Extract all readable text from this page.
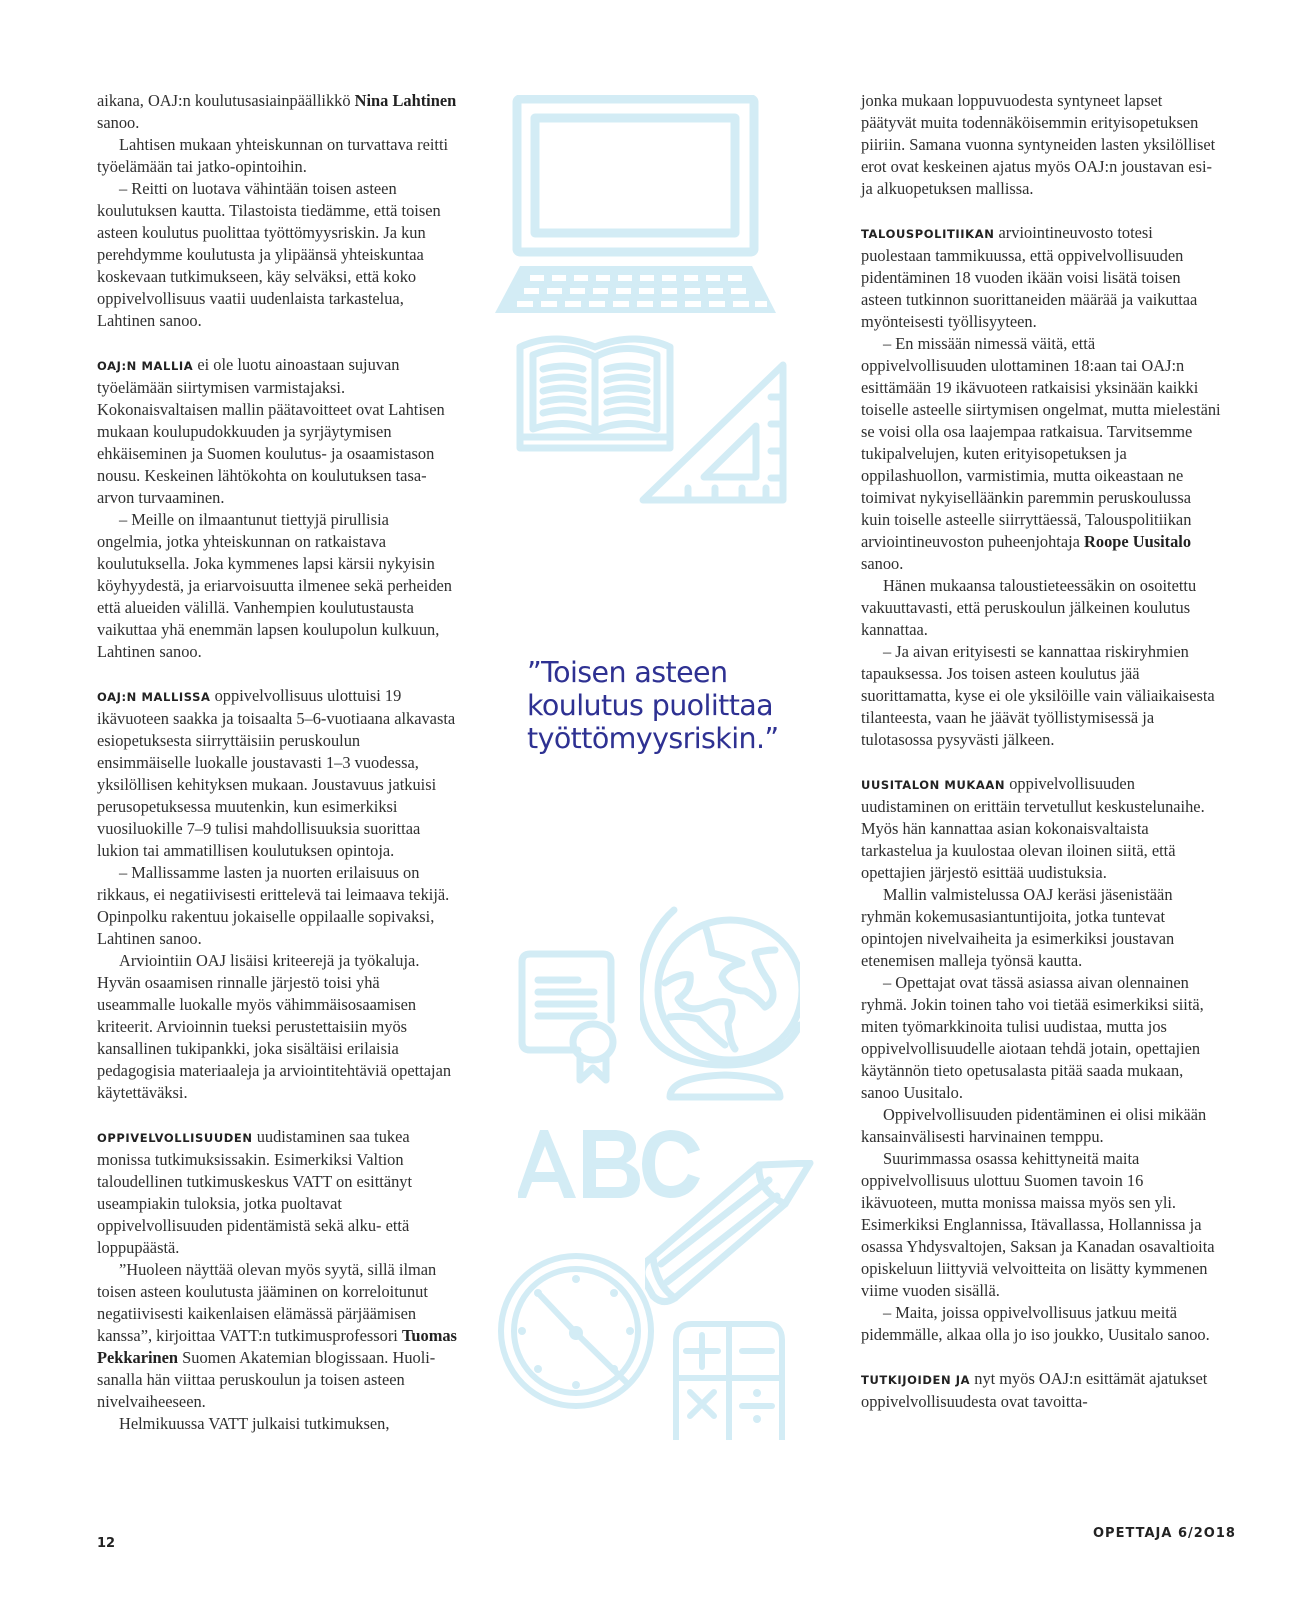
aikana, OAJ:n koulutusasiainpäällikkö Nina Lahtinen sanoo.

Lahtisen mukaan yhteiskunnan on turvattava reitti työelämään tai jatko-opintoihin.

– Reitti on luotava vähintään toisen asteen koulutuksen kautta. Tilastoista tiedämme, että toisen asteen koulutus puolittaa työttömyysriskin. Ja kun perehdymme koulutusta ja ylipäänsä yhteiskuntaa koskevaan tutkimukseen, käy selväksi, että koko oppivelvollisuus vaatii uudenlaista tarkastelua, Lahtinen sanoo.

OAJ:N MALLIA ei ole luotu ainoastaan sujuvan työelämään siirtymisen varmistajaksi. Kokonaisvaltaisen mallin päätavoitteet ovat Lahtisen mukaan koulupudokkuuden ja syrjäytymisen ehkäiseminen ja Suomen koulutus- ja osaamistason nousu. Keskeinen lähtökohta on koulutuksen tasa-arvon turvaaminen.

– Meille on ilmaantunut tiettyjä pirullisia ongelmia, jotka yhteiskunnan on ratkaistava koulutuksella. Joka kymmenes lapsi kärsii nykyisin köyhyydestä, ja eriarvoisuutta ilmenee sekä perheiden että alueiden välillä. Vanhempien koulutustausta vaikuttaa yhä enemmän lapsen koulupolun kulkuun, Lahtinen sanoo.

OAJ:N MALLISSA oppivelvollisuus ulottuisi 19 ikävuoteen saakka ja toisaalta 5–6-vuotiaana alkavasta esiopetuksesta siirryttäisiin peruskoulun ensimmäiselle luokalle joustavasti 1–3 vuodessa, yksilöllisen kehityksen mukaan. Joustavuus jatkuisi perusopetuksessa muutenkin, kun esimerkiksi vuosiluokille 7–9 tulisi mahdollisuuksia suorittaa lukion tai ammatillisen koulutuksen opintoja.

– Mallissamme lasten ja nuorten erilaisuus on rikkaus, ei negatiivisesti erittelevä tai leimaava tekijä. Opinpolku rakentuu jokaiselle oppilaalle sopivaksi, Lahtinen sanoo.

Arviointiin OAJ lisäisi kriteerejä ja työkaluja. Hyvän osaamisen rinnalle järjestö toisi yhä useammalle luokalle myös vähimmäisosaamisen kriteerit. Arvioinnin tueksi perustettaisiin myös kansallinen tukipankki, joka sisältäisi erilaisia pedagogisia materiaaleja ja arviointitehtäviä opettajan käytettäväksi.

OPPIVELVOLLISUUDEN uudistaminen saa tukea monissa tutkimuksissakin. Esimerkiksi Valtion taloudellinen tutkimuskeskus VATT on esittänyt useampiakin tuloksia, jotka puoltavat oppivelvollisuuden pidentämistä sekä alku- että loppupäästä.

”Huoleen näyttää olevan myös syytä, sillä ilman toisen asteen koulutusta jääminen on korreloitunut negatiivisesti kaikenlaisen elämässä pärjäämisen kanssa”, kirjoittaa VATT:n tutkimusprofessori Tuomas Pekkarinen Suomen Akatemian blogissaan. Huoli-sanalla hän viittaa peruskoulun ja toisen asteen nivelvaiheeseen.

Helmikuussa VATT julkaisi tutkimuksen,

”Toisen asteen koulutus puolittaa työttömyysriskin.”

jonka mukaan loppuvuodesta syntyneet lapset päätyvät muita todennäköisemmin erityisopetuksen piiriin. Samana vuonna syntyneiden lasten yksilölliset erot ovat keskeinen ajatus myös OAJ:n joustavan esi- ja alkuopetuksen mallissa.

TALOUSPOLITIIKAN arviointineuvosto totesi puolestaan tammikuussa, että oppivelvollisuuden pidentäminen 18 vuoden ikään voisi lisätä toisen asteen tutkinnon suorittaneiden määrää ja vaikuttaa myönteisesti työllisyyteen.

– En missään nimessä väitä, että oppivelvollisuuden ulottaminen 18:aan tai OAJ:n esittämään 19 ikävuoteen ratkaisisi yksinään kaikki toiselle asteelle siirtymisen ongelmat, mutta mielestäni se voisi olla osa laajempaa ratkaisua. Tarvitsemme tukipalvelujen, kuten erityisopetuksen ja oppilashuollon, varmistimia, mutta oikeastaan ne toimivat nykyiselläänkin paremmin peruskoulussa kuin toiselle asteelle siirryttäessä, Talouspolitiikan arviointineuvoston puheenjohtaja Roope Uusitalo sanoo.

Hänen mukaansa taloustieteessäkin on osoitettu vakuuttavasti, että peruskoulun jälkeinen koulutus kannattaa.

– Ja aivan erityisesti se kannattaa riskiryhmien tapauksessa. Jos toisen asteen koulutus jää suorittamatta, kyse ei ole yksilöille vain väliaikaisesta tilanteesta, vaan he jäävät työllistymisessä ja tulotasossa pysyvästi jälkeen.

UUSITALON MUKAAN oppivelvollisuuden uudistaminen on erittäin tervetullut keskustelunaihe. Myös hän kannattaa asian kokonaisvaltaista tarkastelua ja kuulostaa olevan iloinen siitä, että opettajien järjestö esittää uudistuksia.

Mallin valmistelussa OAJ keräsi jäsenistään ryhmän kokemusasiantuntijoita, jotka tuntevat opintojen nivelvaiheita ja esimerkiksi joustavan etenemisen malleja työnsä kautta.

– Opettajat ovat tässä asiassa aivan olennainen ryhmä. Jokin toinen taho voi tietää esimerkiksi siitä, miten työmarkkinoita tulisi uudistaa, mutta jos oppivelvollisuudelle aiotaan tehdä jotain, opettajien käytännön tieto opetusalasta pitää saada mukaan, sanoo Uusitalo.

Oppivelvollisuuden pidentäminen ei olisi mikään kansainvälisesti harvinainen temppu.

Suurimmassa osassa kehittyneitä maita oppivelvollisuus ulottuu Suomen tavoin 16 ikävuoteen, mutta monissa maissa myös sen yli. Esimerkiksi Englannissa, Itävallassa, Hollannissa ja osassa Yhdysvaltojen, Saksan ja Kanadan osavaltioita opiskeluun liittyviä velvoitteita on lisätty kymmenen viime vuoden sisällä.

– Maita, joissa oppivelvollisuus jatkuu meitä pidemmälle, alkaa olla jo iso joukko, Uusitalo sanoo.

TUTKIJOIDEN JA nyt myös OAJ:n esittämät ajatukset oppivelvollisuudesta ovat tavoitta-

12
OPETTAJA 6/2O18
